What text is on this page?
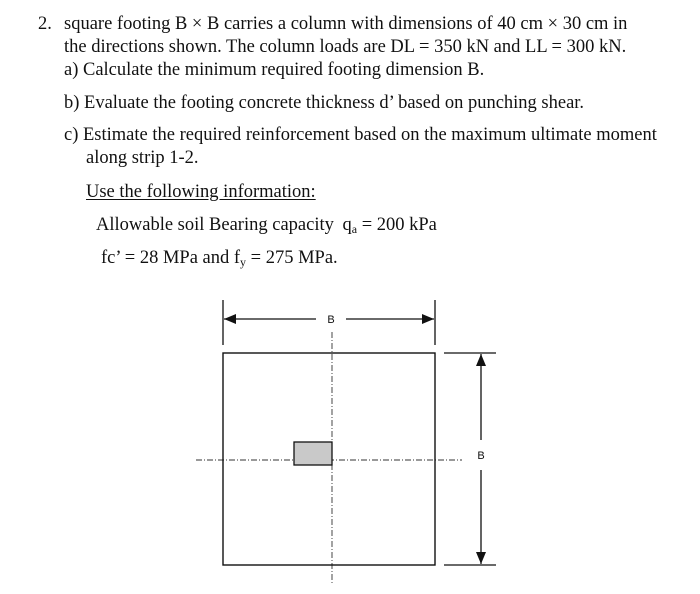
2. square footing B × B carries a column with dimensions of 40 cm × 30 cm in
the directions shown. The column loads are DL = 350 kN and LL = 300 kN.
a) Calculate the minimum required footing dimension B.
b) Evaluate the footing concrete thickness d’ based on punching shear.
c) Estimate the required reinforcement based on the maximum ultimate moment
along strip 1-2.
Use the following information:
Allowable soil Bearing capacity $q_a = 200$ kPa
fc’ = 28 MPa and $f_y = 275$ MPa.
B
B
